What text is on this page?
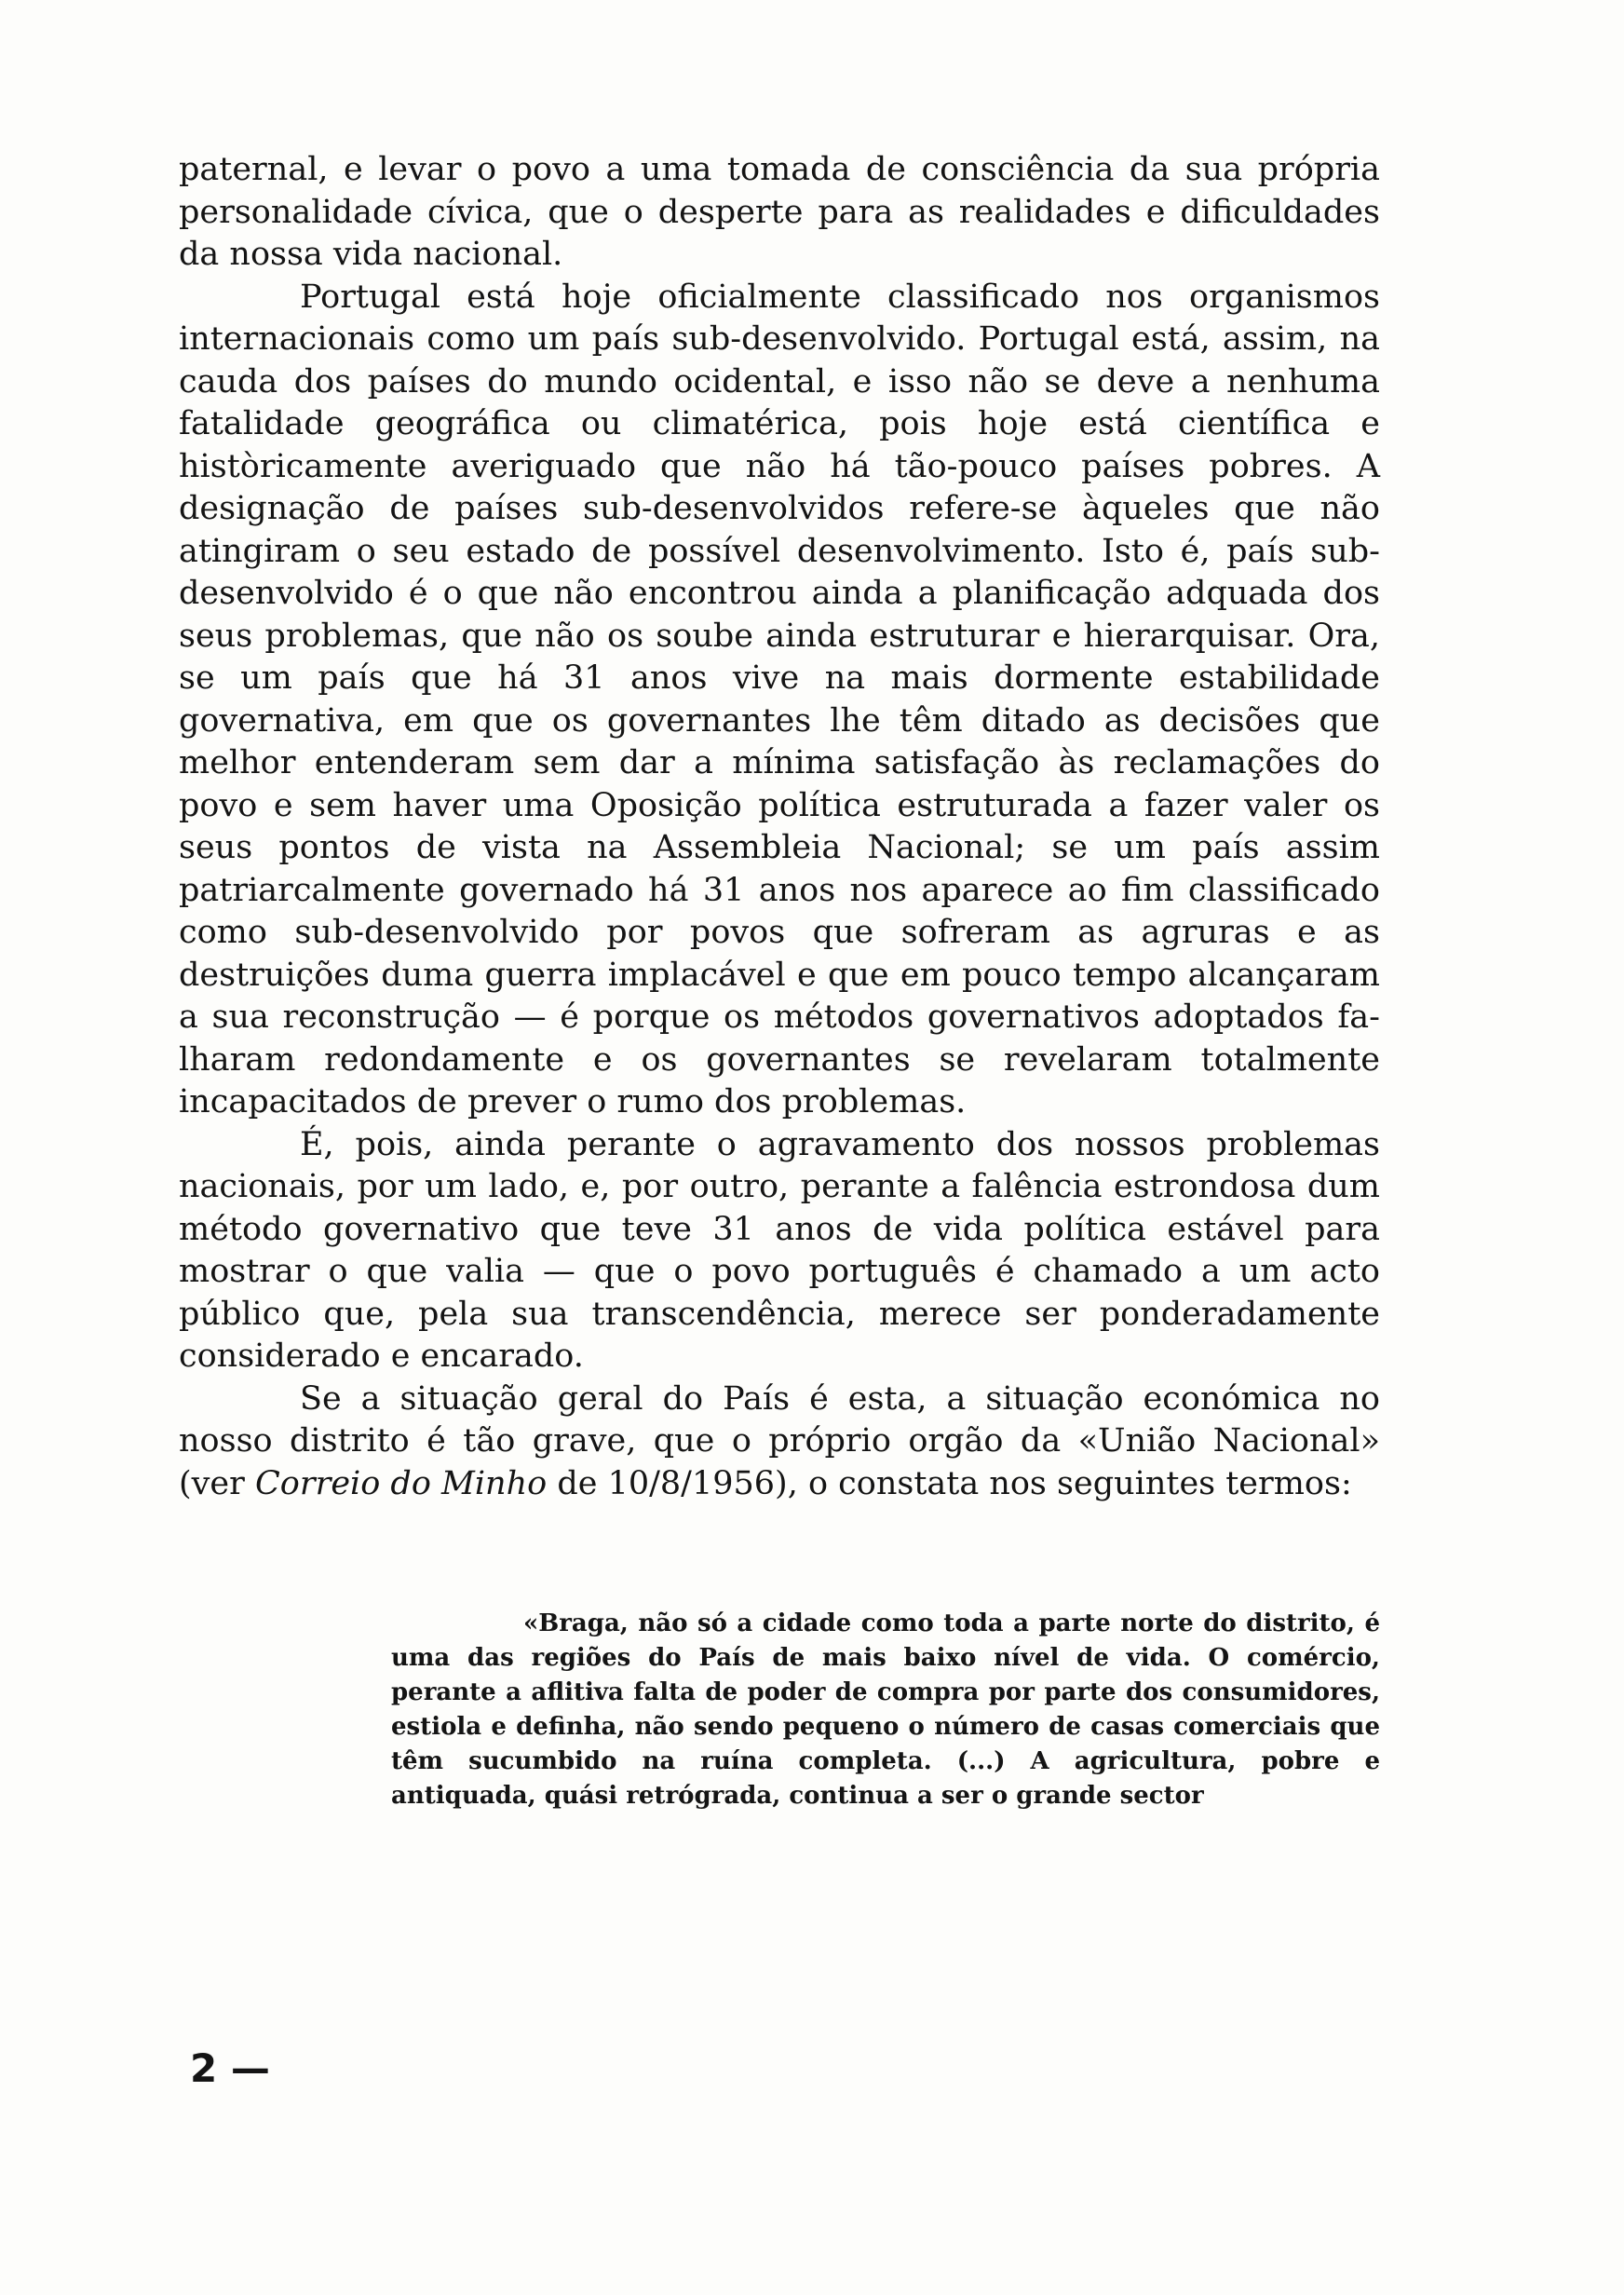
paternal, e levar o povo a uma tomada de consciência da sua própria personalidade cívica, que o desperte para as realidades e dificuldades da nossa vida nacional.

Portugal está hoje oficialmente classificado nos organismos internacionais como um país sub-desenvolvido. Portugal está, assim, na cauda dos países do mundo ocidental, e isso não se deve a nenhuma fatalidade geográfica ou climatérica, pois hoje está científica e històricamente averiguado que não há tão-pouco países pobres. A designação de países sub-desenvolvidos refere-se àqueles que não atingiram o seu estado de possível desenvolvimento. Isto é, país sub-desenvolvido é o que não encontrou ainda a planificação adquada dos seus problemas, que não os soube ainda estruturar e hierarquisar. Ora, se um país que há 31 anos vive na mais dormente estabilidade governativa, em que os governantes lhe têm ditado as decisões que melhor entenderam sem dar a mínima satisfação às reclamações do povo e sem haver uma Oposição política estruturada a fazer valer os seus pontos de vista na Assembleia Nacional; se um país assim patriarcalmente governado há 31 anos nos aparece ao fim classificado como sub-desenvolvido por povos que sofreram as agruras e as destruições duma guerra implacável e que em pouco tempo alcançaram a sua reconstrução — é porque os métodos governativos adoptados falharam redondamente e os governantes se revelaram totalmente incapacitados de prever o rumo dos problemas.

É, pois, ainda perante o agravamento dos nossos problemas nacionais, por um lado, e, por outro, perante a falência estrondosa dum método governativo que teve 31 anos de vida política estável para mostrar o que valia — que o povo português é chamado a um acto público que, pela sua transcendência, merece ser ponderadamente considerado e encarado.

Se a situação geral do País é esta, a situação económica no nosso distrito é tão grave, que o próprio orgão da «União Nacional» (ver Correio do Minho de 10/8/1956), o constata nos seguintes termos:

«Braga, não só a cidade como toda a parte norte do distrito, é uma das regiões do País de mais baixo nível de vida. O comércio, perante a aflitiva falta de poder de compra por parte dos consumidores, estiola e definha, não sendo pequeno o número de casas comerciais que têm sucumbido na ruína completa. (...) A agricultura, pobre e antiquada, quási retrógrada, continua a ser o grande sector

2 —
